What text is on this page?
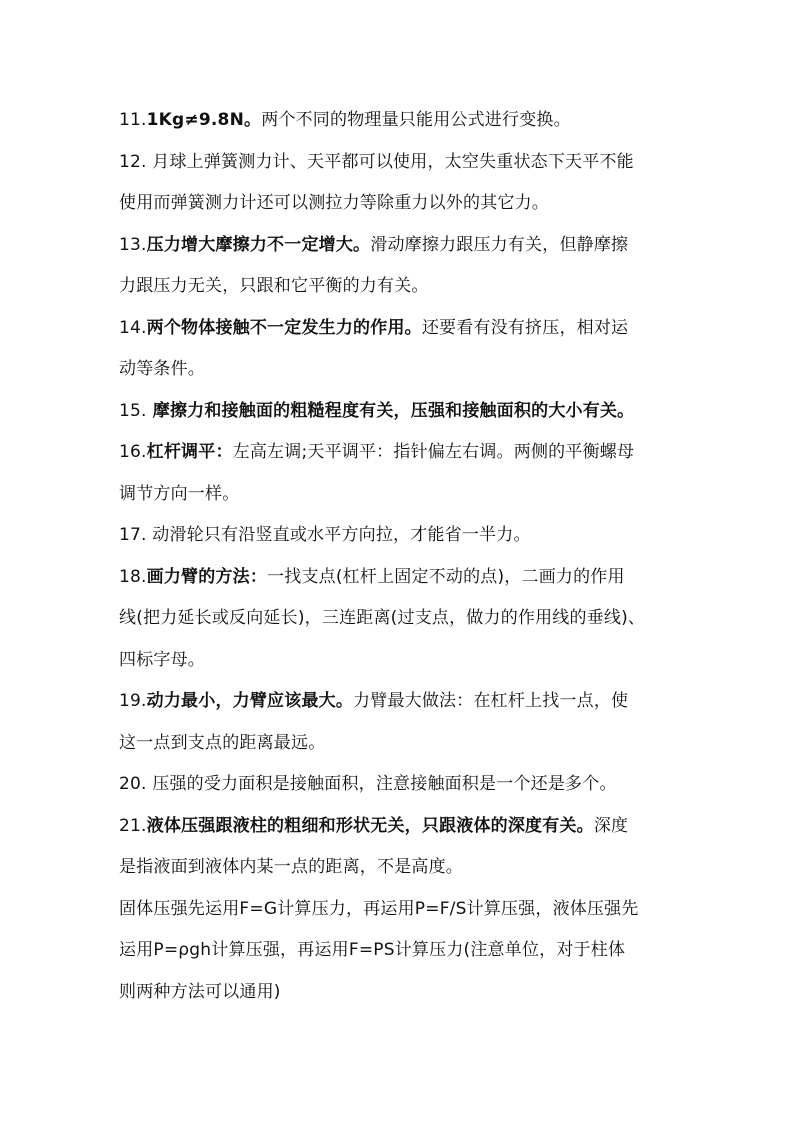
11.1Kg≠9.8N。两个不同的物理量只能用公式进行变换。
12. 月球上弹簧测力计、天平都可以使用，太空失重状态下天平不能
使用而弹簧测力计还可以测拉力等除重力以外的其它力。
13.压力增大摩擦力不一定增大。滑动摩擦力跟压力有关，但静摩擦
力跟压力无关，只跟和它平衡的力有关。
14.两个物体接触不一定发生力的作用。还要看有没有挤压，相对运
动等条件。
15. 摩擦力和接触面的粗糙程度有关，压强和接触面积的大小有关。
16.杠杆调平：左高左调;天平调平：指针偏左右调。两侧的平衡螺母
调节方向一样。
17. 动滑轮只有沿竖直或水平方向拉，才能省一半力。
18.画力臂的方法：一找支点(杠杆上固定不动的点)，二画力的作用
线(把力延长或反向延长)，三连距离(过支点，做力的作用线的垂线)、
四标字母。
19.动力最小，力臂应该最大。力臂最大做法：在杠杆上找一点，使
这一点到支点的距离最远。
20. 压强的受力面积是接触面积，注意接触面积是一个还是多个。
21.液体压强跟液柱的粗细和形状无关，只跟液体的深度有关。深度
是指液面到液体内某一点的距离，不是高度。
固体压强先运用F=G计算压力，再运用P=F/S计算压强，液体压强先
运用P=ρgh计算压强，再运用F=PS计算压力(注意单位，对于柱体
则两种方法可以通用)
